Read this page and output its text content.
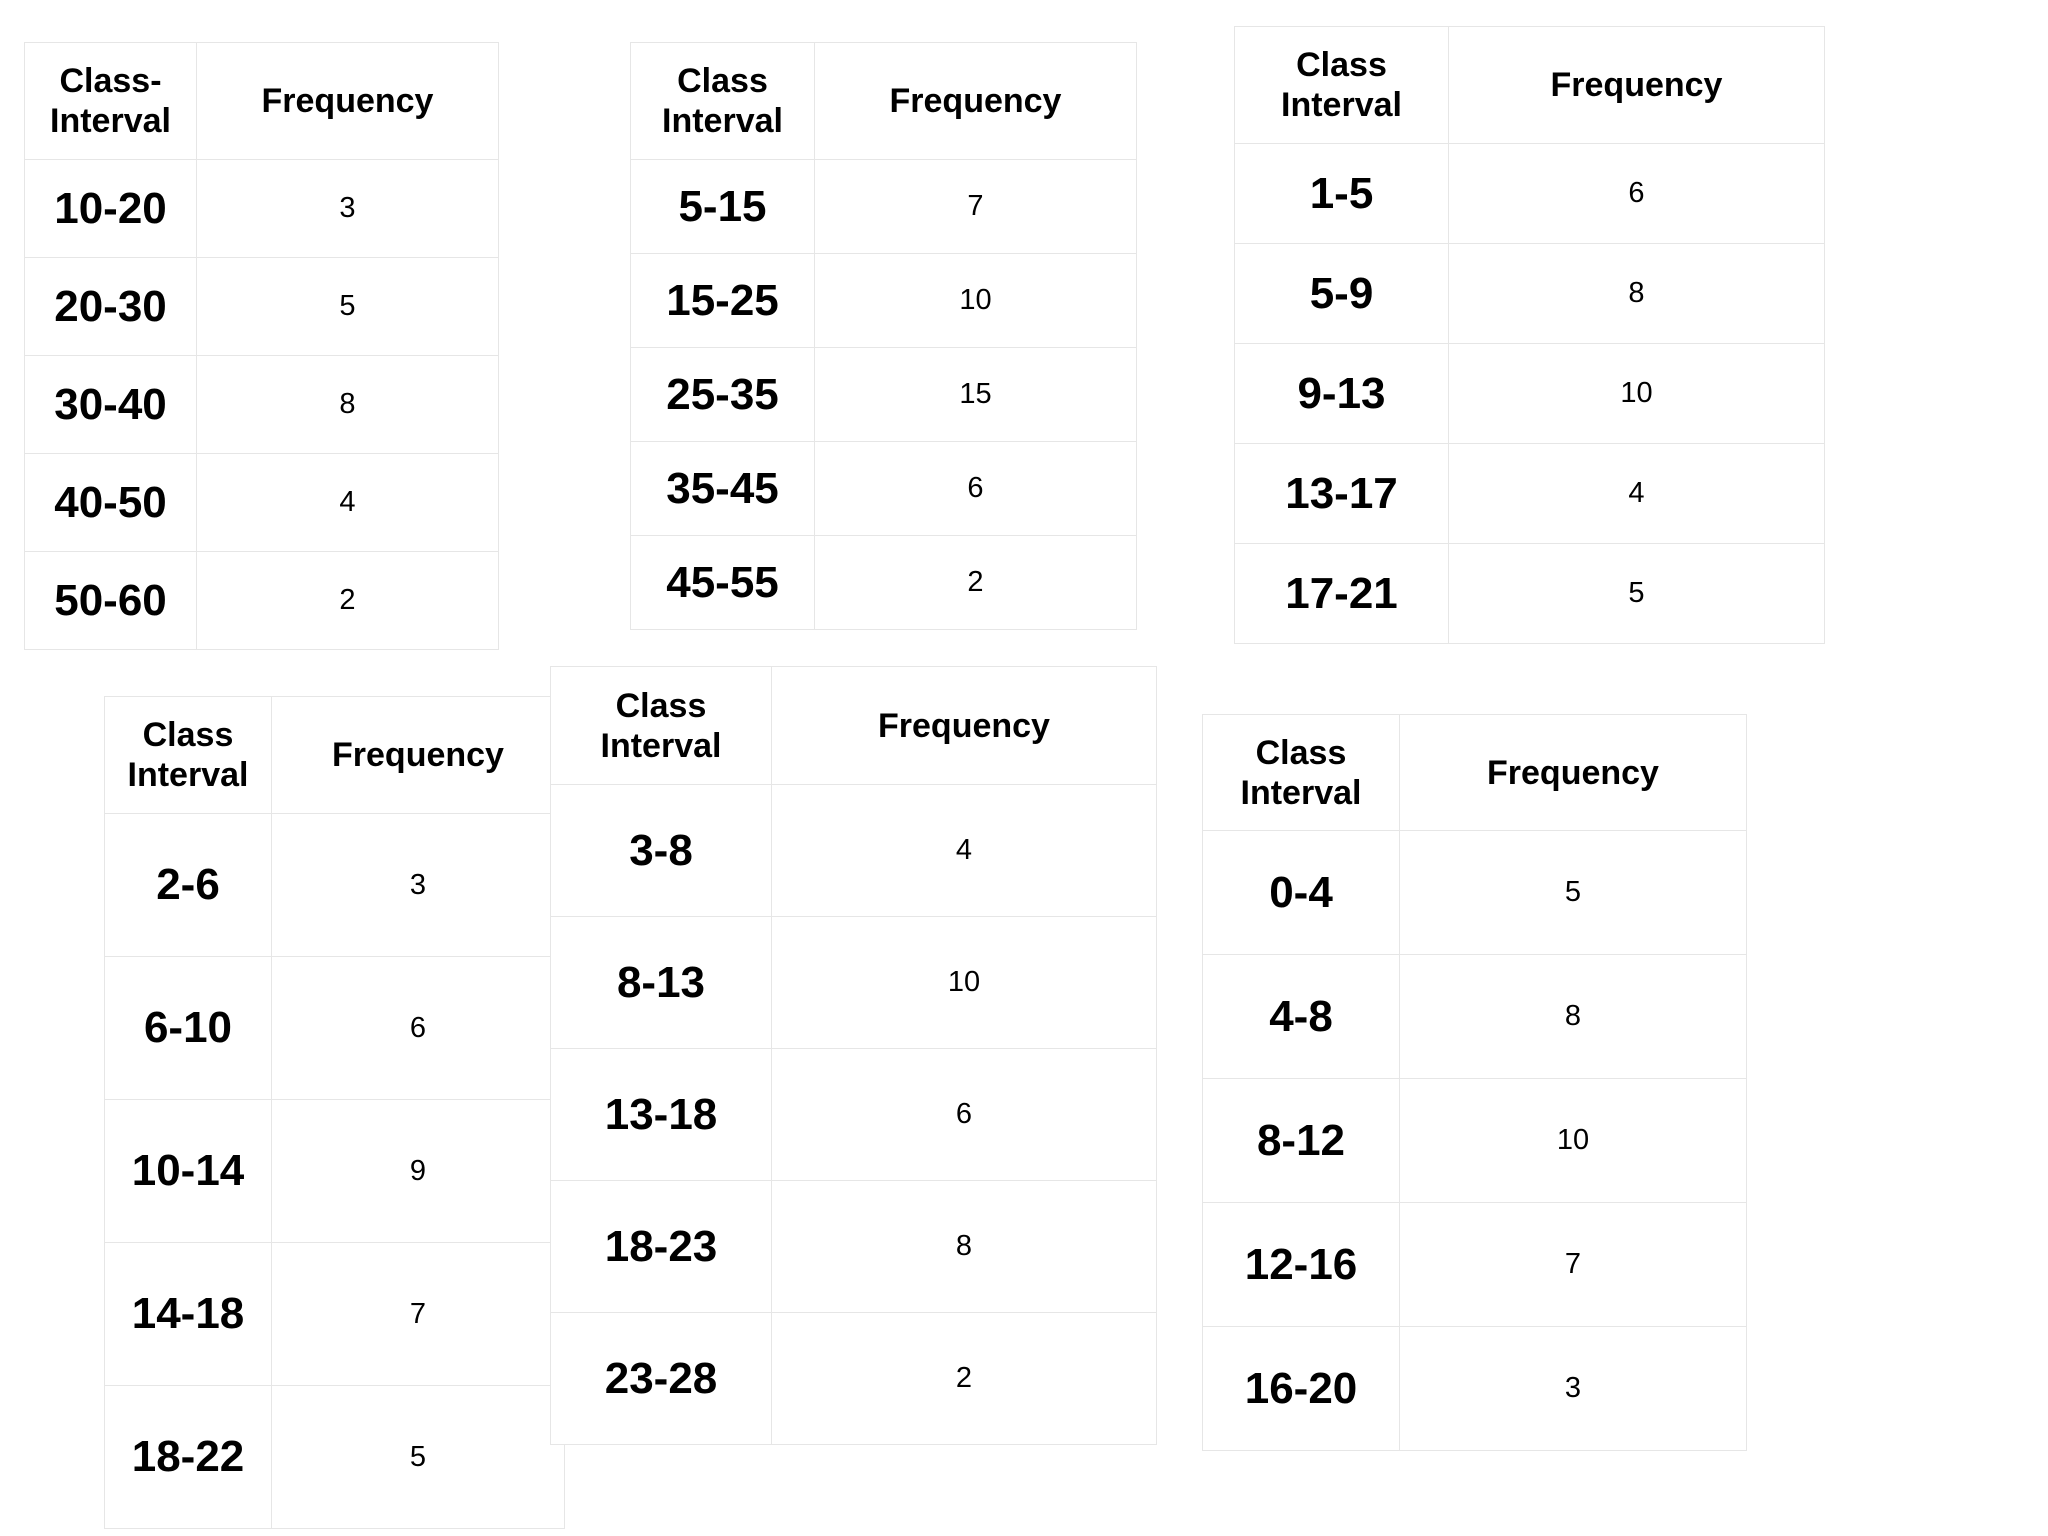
Class-
Interval	Frequency
10-20	3
20-30	5
30-40	8
40-50	4
50-60	2
Class
Interval	Frequency
5-15	7
15-25	10
25-35	15
35-45	6
45-55	2
Class
Interval	Frequency
1-5	6
5-9	8
9-13	10
13-17	4
17-21	5
Class
Interval	Frequency
2-6	3
6-10	6
10-14	9
14-18	7
18-22	5
Class
Interval	Frequency
3-8	4
8-13	10
13-18	6
18-23	8
23-28	2
Class
Interval	Frequency
0-4	5
4-8	8
8-12	10
12-16	7
16-20	3
